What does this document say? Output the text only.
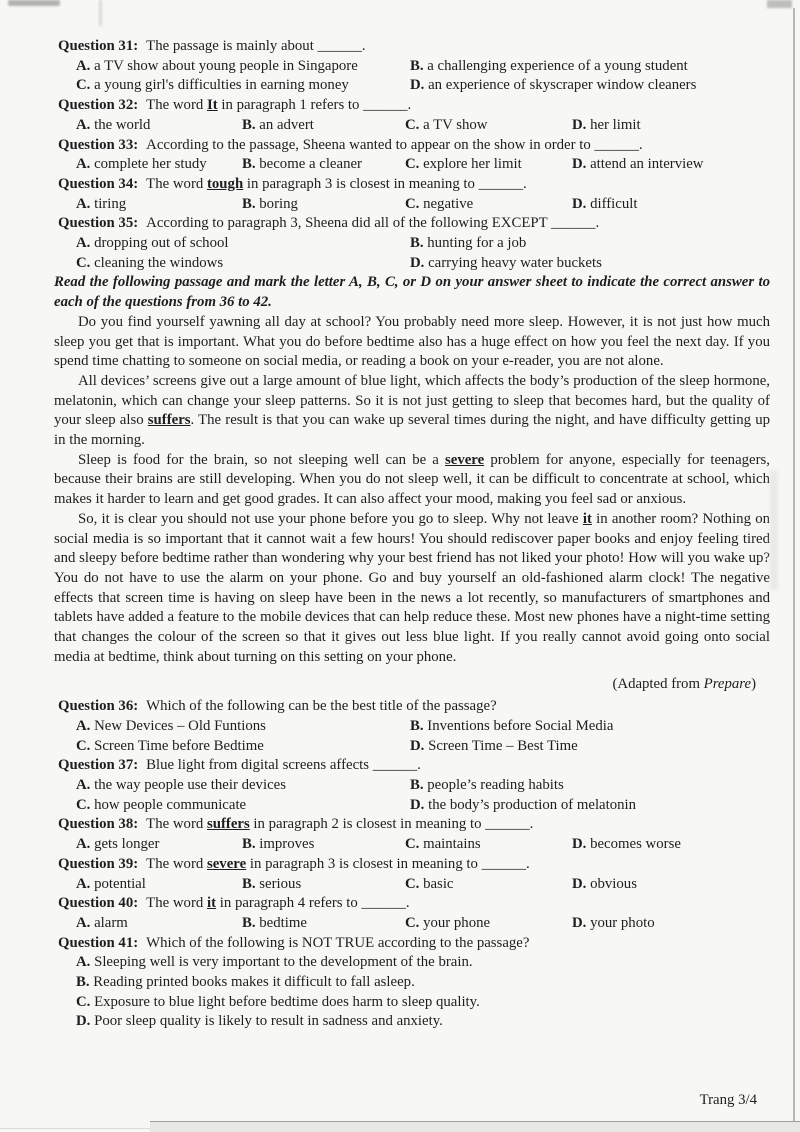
Question 31: The passage is mainly about ______.
A. a TV show about young people in Singapore	B. a challenging experience of a young student
C. a young girl's difficulties in earning money	D. an experience of skyscraper window cleaners
Question 32: The word It in paragraph 1 refers to ______.
A. the world	B. an advert	C. a TV show	D. her limit
Question 33: According to the passage, Sheena wanted to appear on the show in order to ______.
A. complete her study	B. become a cleaner	C. explore her limit	D. attend an interview
Question 34: The word tough in paragraph 3 is closest in meaning to ______.
A. tiring	B. boring	C. negative	D. difficult
Question 35: According to paragraph 3, Sheena did all of the following EXCEPT ______.
A. dropping out of school	B. hunting for a job
C. cleaning the windows	D. carrying heavy water buckets
Read the following passage and mark the letter A, B, C, or D on your answer sheet to indicate the correct answer to each of the questions from 36 to 42.

Do you find yourself yawning all day at school? You probably need more sleep. However, it is not just how much sleep you get that is important. What you do before bedtime also has a huge effect on how you feel the next day. If you spend time chatting to someone on social media, or reading a book on your e-reader, you are not alone.

All devices’ screens give out a large amount of blue light, which affects the body’s production of the sleep hormone, melatonin, which can change your sleep patterns. So it is not just getting to sleep that becomes hard, but the quality of your sleep also suffers. The result is that you can wake up several times during the night, and have difficulty getting up in the morning.

Sleep is food for the brain, so not sleeping well can be a severe problem for anyone, especially for teenagers, because their brains are still developing. When you do not sleep well, it can be difficult to concentrate at school, which makes it harder to learn and get good grades. It can also affect your mood, making you feel sad or anxious.

So, it is clear you should not use your phone before you go to sleep. Why not leave it in another room? Nothing on social media is so important that it cannot wait a few hours! You should rediscover paper books and enjoy feeling tired and sleepy before bedtime rather than wondering why your best friend has not liked your photo! How will you wake up? You do not have to use the alarm on your phone. Go and buy yourself an old-fashioned alarm clock! The negative effects that screen time is having on sleep have been in the news a lot recently, so manufacturers of smartphones and tablets have added a feature to the mobile devices that can help reduce these. Most new phones have a night-time setting that changes the colour of the screen so that it gives out less blue light. If you really cannot avoid going onto social media at bedtime, think about turning on this setting on your phone.

(Adapted from Prepare)
Question 36: Which of the following can be the best title of the passage?
A. New Devices – Old Funtions	B. Inventions before Social Media
C. Screen Time before Bedtime	D. Screen Time – Best Time
Question 37: Blue light from digital screens affects ______.
A. the way people use their devices	B. people’s reading habits
C. how people communicate	D. the body’s production of melatonin
Question 38: The word suffers in paragraph 2 is closest in meaning to ______.
A. gets longer	B. improves	C. maintains	D. becomes worse
Question 39: The word severe in paragraph 3 is closest in meaning to ______.
A. potential	B. serious	C. basic	D. obvious
Question 40: The word it in paragraph 4 refers to ______.
A. alarm	B. bedtime	C. your phone	D. your photo
Question 41: Which of the following is NOT TRUE according to the passage?
A. Sleeping well is very important to the development of the brain.
B. Reading printed books makes it difficult to fall asleep.
C. Exposure to blue light before bedtime does harm to sleep quality.
D. Poor sleep quality is likely to result in sadness and anxiety.
Trang 3/4
